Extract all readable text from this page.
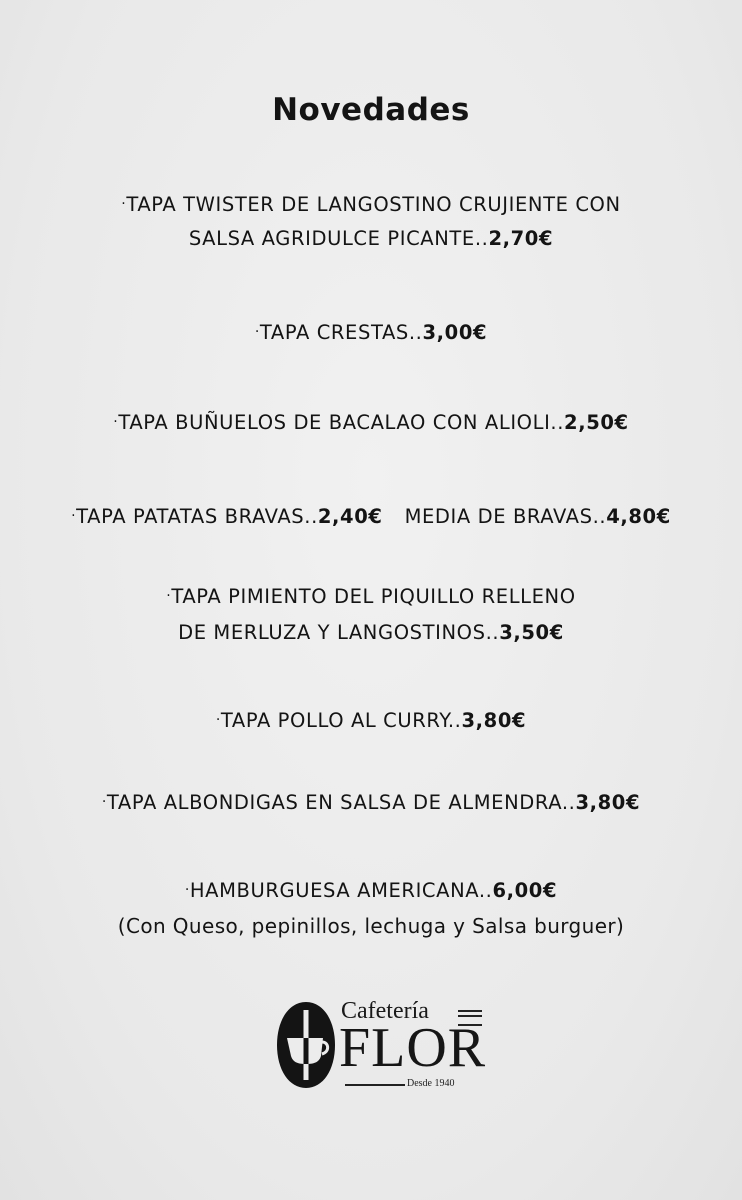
Novedades
·TAPA TWISTER DE LANGOSTINO CRUJIENTE CON
SALSA AGRIDULCE PICANTE..2,70€
·TAPA CRESTAS..3,00€
·TAPA BUÑUELOS DE BACALAO CON ALIOLI..2,50€
·TAPA PATATAS BRAVAS..2,40€ MEDIA DE BRAVAS..4,80€
·TAPA PIMIENTO DEL PIQUILLO RELLENO
DE MERLUZA Y LANGOSTINOS..3,50€
·TAPA POLLO AL CURRY..3,80€
·TAPA ALBONDIGAS EN SALSA DE ALMENDRA..3,80€
·HAMBURGUESA AMERICANA..6,00€
(Con Queso, pepinillos, lechuga y Salsa burguer)
Cafetería
FLOR
Desde 1940
